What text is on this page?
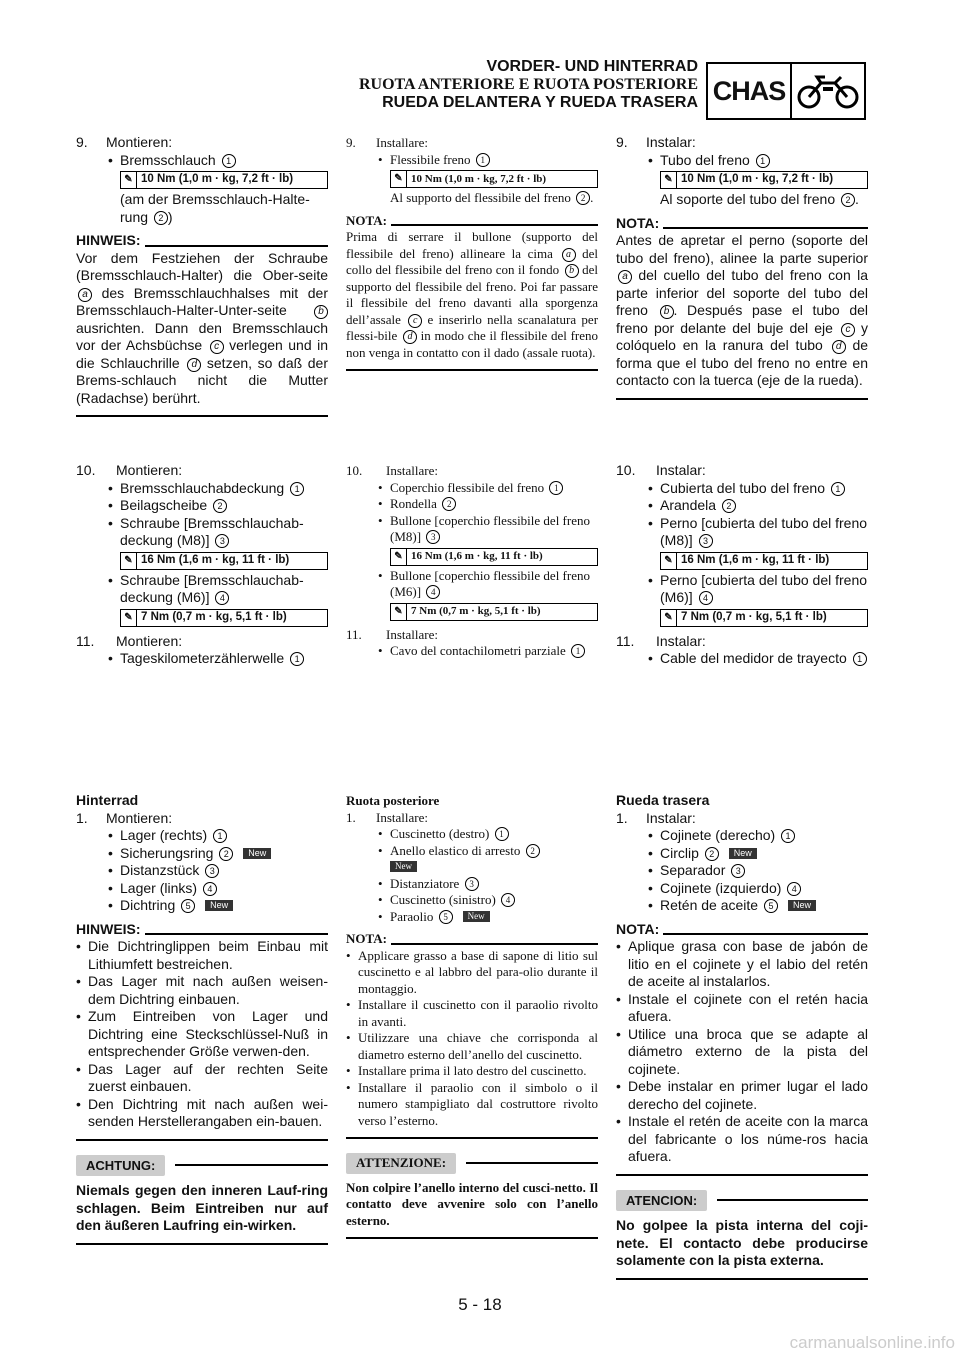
VORDER- UND HINTERRAD
RUOTA ANTERIORE E RUOTA POSTERIORE
RUEDA DELANTERA Y RUEDA TRASERA CHAS
9.	Montieren:
• Bremsschlauch 1
✎ 10 Nm (1,0 m · kg, 7,2 ft · lb)
(am der Bremsschlauch-Halte-rung 2 )
HINWEIS:
Vor dem Festziehen der Schraube (Bremsschlauch-Halter) die Ober-seite a des Bremsschlauchhalses mit der Bremsschlauch-Halter-Unter-seite	b ausrichten. Dann den Bremsschlauch vor der Achsbüchse c verlegen und in die Schlauchrille d setzen, so daß der Brems-schlauch nicht die Mutter (Radachse) berührt.
10.	Montieren:
• Bremsschlauchabdeckung 1
• Beilagscheibe 2
• Schraube [Bremsschlauchab-deckung (M8)] 3
✎ 16 Nm (1,6 m · kg, 11 ft · lb)
• Schraube [Bremsschlauchab-deckung (M6)] 4
✎ 7 Nm (0,7 m · kg, 5,1 ft · lb)
11.	Montieren:
• Tageskilometerzählerwelle 1
Hinterrad
1.	Montieren:
• Lager (rechts) 1
• Sicherungsring 2 New
• Distanzstück 3
• Lager (links) 4
• Dichtring 5 New
HINWEIS:
• Die Dichtringlippen beim Einbau mit Lithiumfett bestreichen.
• Das Lager mit nach außen weisen-dem Dichtring einbauen.
• Zum Eintreiben von Lager und Dichtring eine Steckschlüssel-Nuß in entsprechender Größe verwen-den.
• Das Lager auf der rechten Seite zuerst einbauen.
• Den Dichtring mit nach außen wei-senden Herstellerangaben ein-bauen.
ACHTUNG:
Niemals gegen den inneren Lauf-ring schlagen. Beim Eintreiben nur auf den äußeren Laufring ein-wirken.
9.	Installare:
• Flessibile freno 1
✎ 10 Nm (1,0 m · kg, 7,2 ft · lb)
Al supporto del flessibile del freno 2 .
NOTA:
Prima di serrare il bullone (supporto del flessibile del freno) allineare la cima a del collo del flessibile del freno con il fondo b del supporto del flessibile del freno. Poi far passare il flessibile del freno davanti alla sporgenza dell’assale c e inserirlo nella scanalatura per flessi-bile d in modo che il flessibile del freno non venga in contatto con il dado (assale ruota).
10.	Installare:
• Coperchio flessibile del freno 1
• Rondella 2
• Bullone [coperchio flessibile del freno (M8)] 3
✎ 16 Nm (1,6 m · kg, 11 ft · lb)
• Bullone [coperchio flessibile del freno (M6)] 4
✎ 7 Nm (0,7 m · kg, 5,1 ft · lb)
11.	Installare:
• Cavo del contachilometri parziale 1
Ruota posteriore
1.	Installare:
• Cuscinetto (destro) 1
• Anello elastico di arresto 2
New
• Distanziatore 3
• Cuscinetto (sinistro) 4
• Paraolio 5 New
NOTA:
• Applicare grasso a base di sapone di litio sul cuscinetto e al labbro del para-olio durante il montaggio.
• Installare il cuscinetto con il paraolio rivolto in avanti.
• Utilizzare una chiave che corrisponda al diametro esterno dell’anello del cuscinetto.
• Installare prima il lato destro del cuscinetto.
• Installare il paraolio con il simbolo o il numero stampigliato dal costruttore rivolto verso l’esterno.
ATTENZIONE:
Non colpire l’anello interno del cusci-netto. Il contatto deve avvenire solo con l’anello esterno.
9.	Instalar:
• Tubo del freno 1
✎ 10 Nm (1,0 m · kg, 7,2 ft · lb)
Al soporte del tubo del freno 2 .
NOTA:
Antes de apretar el perno (soporte del tubo del freno), alinee la parte superior a del cuello del tubo del freno con la parte inferior del soporte del tubo del freno b . Después pase el tubo del freno por delante del buje del eje c y colóquelo en la ranura del tubo d de forma que el tubo del freno no entre en contacto con la tuerca (eje de la rueda).
10.	Instalar:
• Cubierta del tubo del freno 1
• Arandela 2
• Perno [cubierta del tubo del freno (M8)] 3
✎ 16 Nm (1,6 m · kg, 11 ft · lb)
• Perno [cubierta del tubo del freno (M6)] 4
✎ 7 Nm (0,7 m · kg, 5,1 ft · lb)
11.	Instalar:
• Cable del medidor de trayecto 1
Rueda trasera
1.	Instalar:
• Cojinete (derecho) 1
• Circlip 2 New
• Separador 3
• Cojinete (izquierdo) 4
• Retén de aceite 5 New
NOTA:
• Aplique grasa con base de jabón de litio en el cojinete y el labio del retén de aceite al instalarlos.
• Instale el cojinete con el retén hacia afuera.
• Utilice una broca que se adapte al diámetro externo de la pista del cojinete.
• Debe instalar en primer lugar el lado derecho del cojinete.
• Instale el retén de aceite con la marca del fabricante o los núme-ros hacia afuera.
ATENCION:
No golpee la pista interna del coji-nete. El contacto debe producirse solamente con la pista externa.
5 - 18
carmanualsonline.info
